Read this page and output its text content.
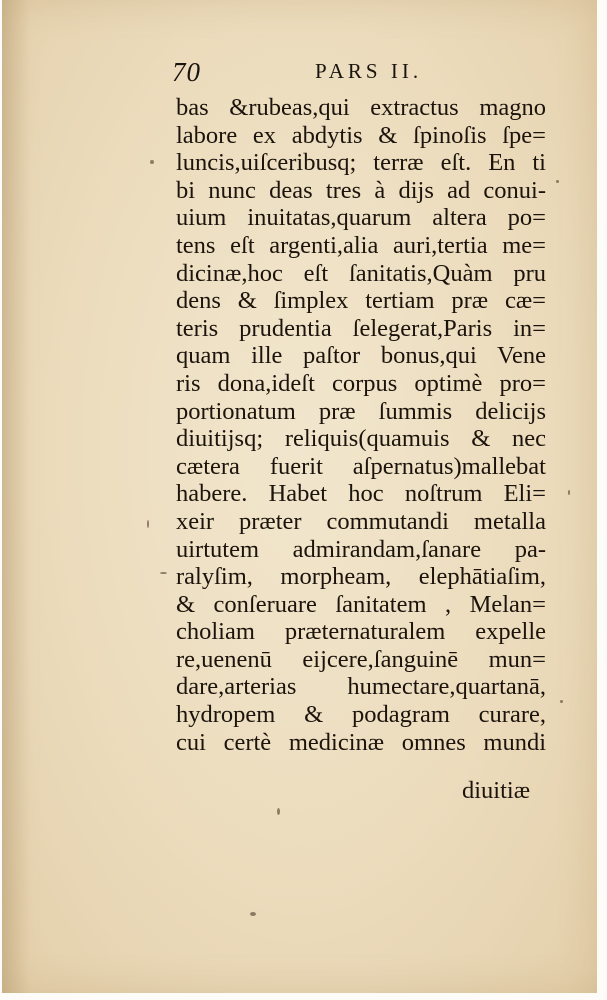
70	PARS II.
bas &rubeas,qui extractus magno
labore ex abdytis & ſpinoſis ſpe=
luncis,uiſceribusq; terræ eſt. En ti
bi nunc deas tres à dijs ad conui-
uium inuitatas,quarum altera po=
tens eſt argenti,alia auri,tertia me=
dicinæ,hoc eſt ſanitatis,Quàm pru
dens & ſimplex tertiam præ cæ=
teris prudentia ſelegerat,Paris in=
quam ille paſtor bonus,qui Vene
ris dona,ideſt corpus optimè pro=
portionatum præ ſummis delicijs
diuitijsq; reliquis(quamuis & nec
cætera fuerit aſpernatus)mallebat
habere. Habet hoc noſtrum Eli=
xeir præter commutandi metalla
uirtutem admirandam,ſanare pa-
ralyſim, morpheam, elephātiaſim,
& conſeruare ſanitatem , Melan=
choliam præternaturalem expelle
re,uenenū eijcere,ſanguinē mun=
dare,arterias humectare,quartanā,
hydropem & podagram curare,
cui certè medicinæ omnes mundi
diuitiæ
